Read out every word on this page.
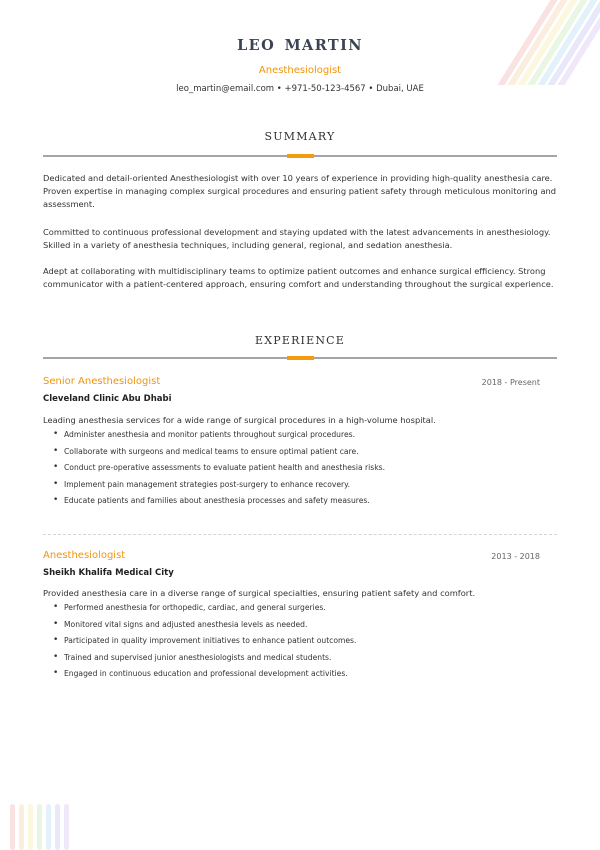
LEO MARTIN
Anesthesiologist
leo_martin@email.com • +971-50-123-4567 • Dubai, UAE
SUMMARY

Dedicated and detail-oriented Anesthesiologist with over 10 years of experience in providing high-quality anesthesia care. Proven expertise in managing complex surgical procedures and ensuring patient safety through meticulous monitoring and assessment.

Committed to continuous professional development and staying updated with the latest advancements in anesthesiology. Skilled in a variety of anesthesia techniques, including general, regional, and sedation anesthesia.

Adept at collaborating with multidisciplinary teams to optimize patient outcomes and enhance surgical efficiency. Strong communicator with a patient-centered approach, ensuring comfort and understanding throughout the surgical experience.

EXPERIENCE
Senior Anesthesiologist	2018 - Present
Cleveland Clinic Abu Dhabi
Leading anesthesia services for a wide range of surgical procedures in a high-volume hospital.
• Administer anesthesia and monitor patients throughout surgical procedures.
• Collaborate with surgeons and medical teams to ensure optimal patient care.
• Conduct pre-operative assessments to evaluate patient health and anesthesia risks.
• Implement pain management strategies post-surgery to enhance recovery.
• Educate patients and families about anesthesia processes and safety measures.
Anesthesiologist	2013 - 2018
Sheikh Khalifa Medical City
Provided anesthesia care in a diverse range of surgical specialties, ensuring patient safety and comfort.
• Performed anesthesia for orthopedic, cardiac, and general surgeries.
• Monitored vital signs and adjusted anesthesia levels as needed.
• Participated in quality improvement initiatives to enhance patient outcomes.
• Trained and supervised junior anesthesiologists and medical students.
• Engaged in continuous education and professional development activities.
